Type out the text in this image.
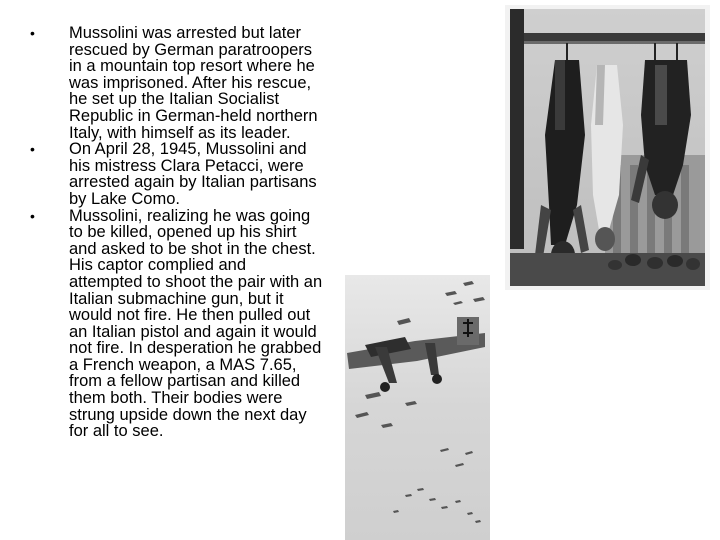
• Mussolini was arrested but later
rescued by German paratroopers
in a mountain top resort where he
was imprisoned. After his rescue,
he set up the Italian Socialist
Republic in German-held northern
Italy, with himself as its leader.
• On April 28, 1945, Mussolini and
his mistress Clara Petacci, were
arrested again by Italian partisans
by Lake Como.
• Mussolini, realizing he was going
to be killed, opened up his shirt
and asked to be shot in the chest.
His captor complied and
attempted to shoot the pair with an
Italian submachine gun, but it
would not fire. He then pulled out
an Italian pistol and again it would
not fire. In desperation he grabbed
a French weapon, a MAS 7.65,
from a fellow partisan and killed
them both. Their bodies were
strung upside down the next day
for all to see.
